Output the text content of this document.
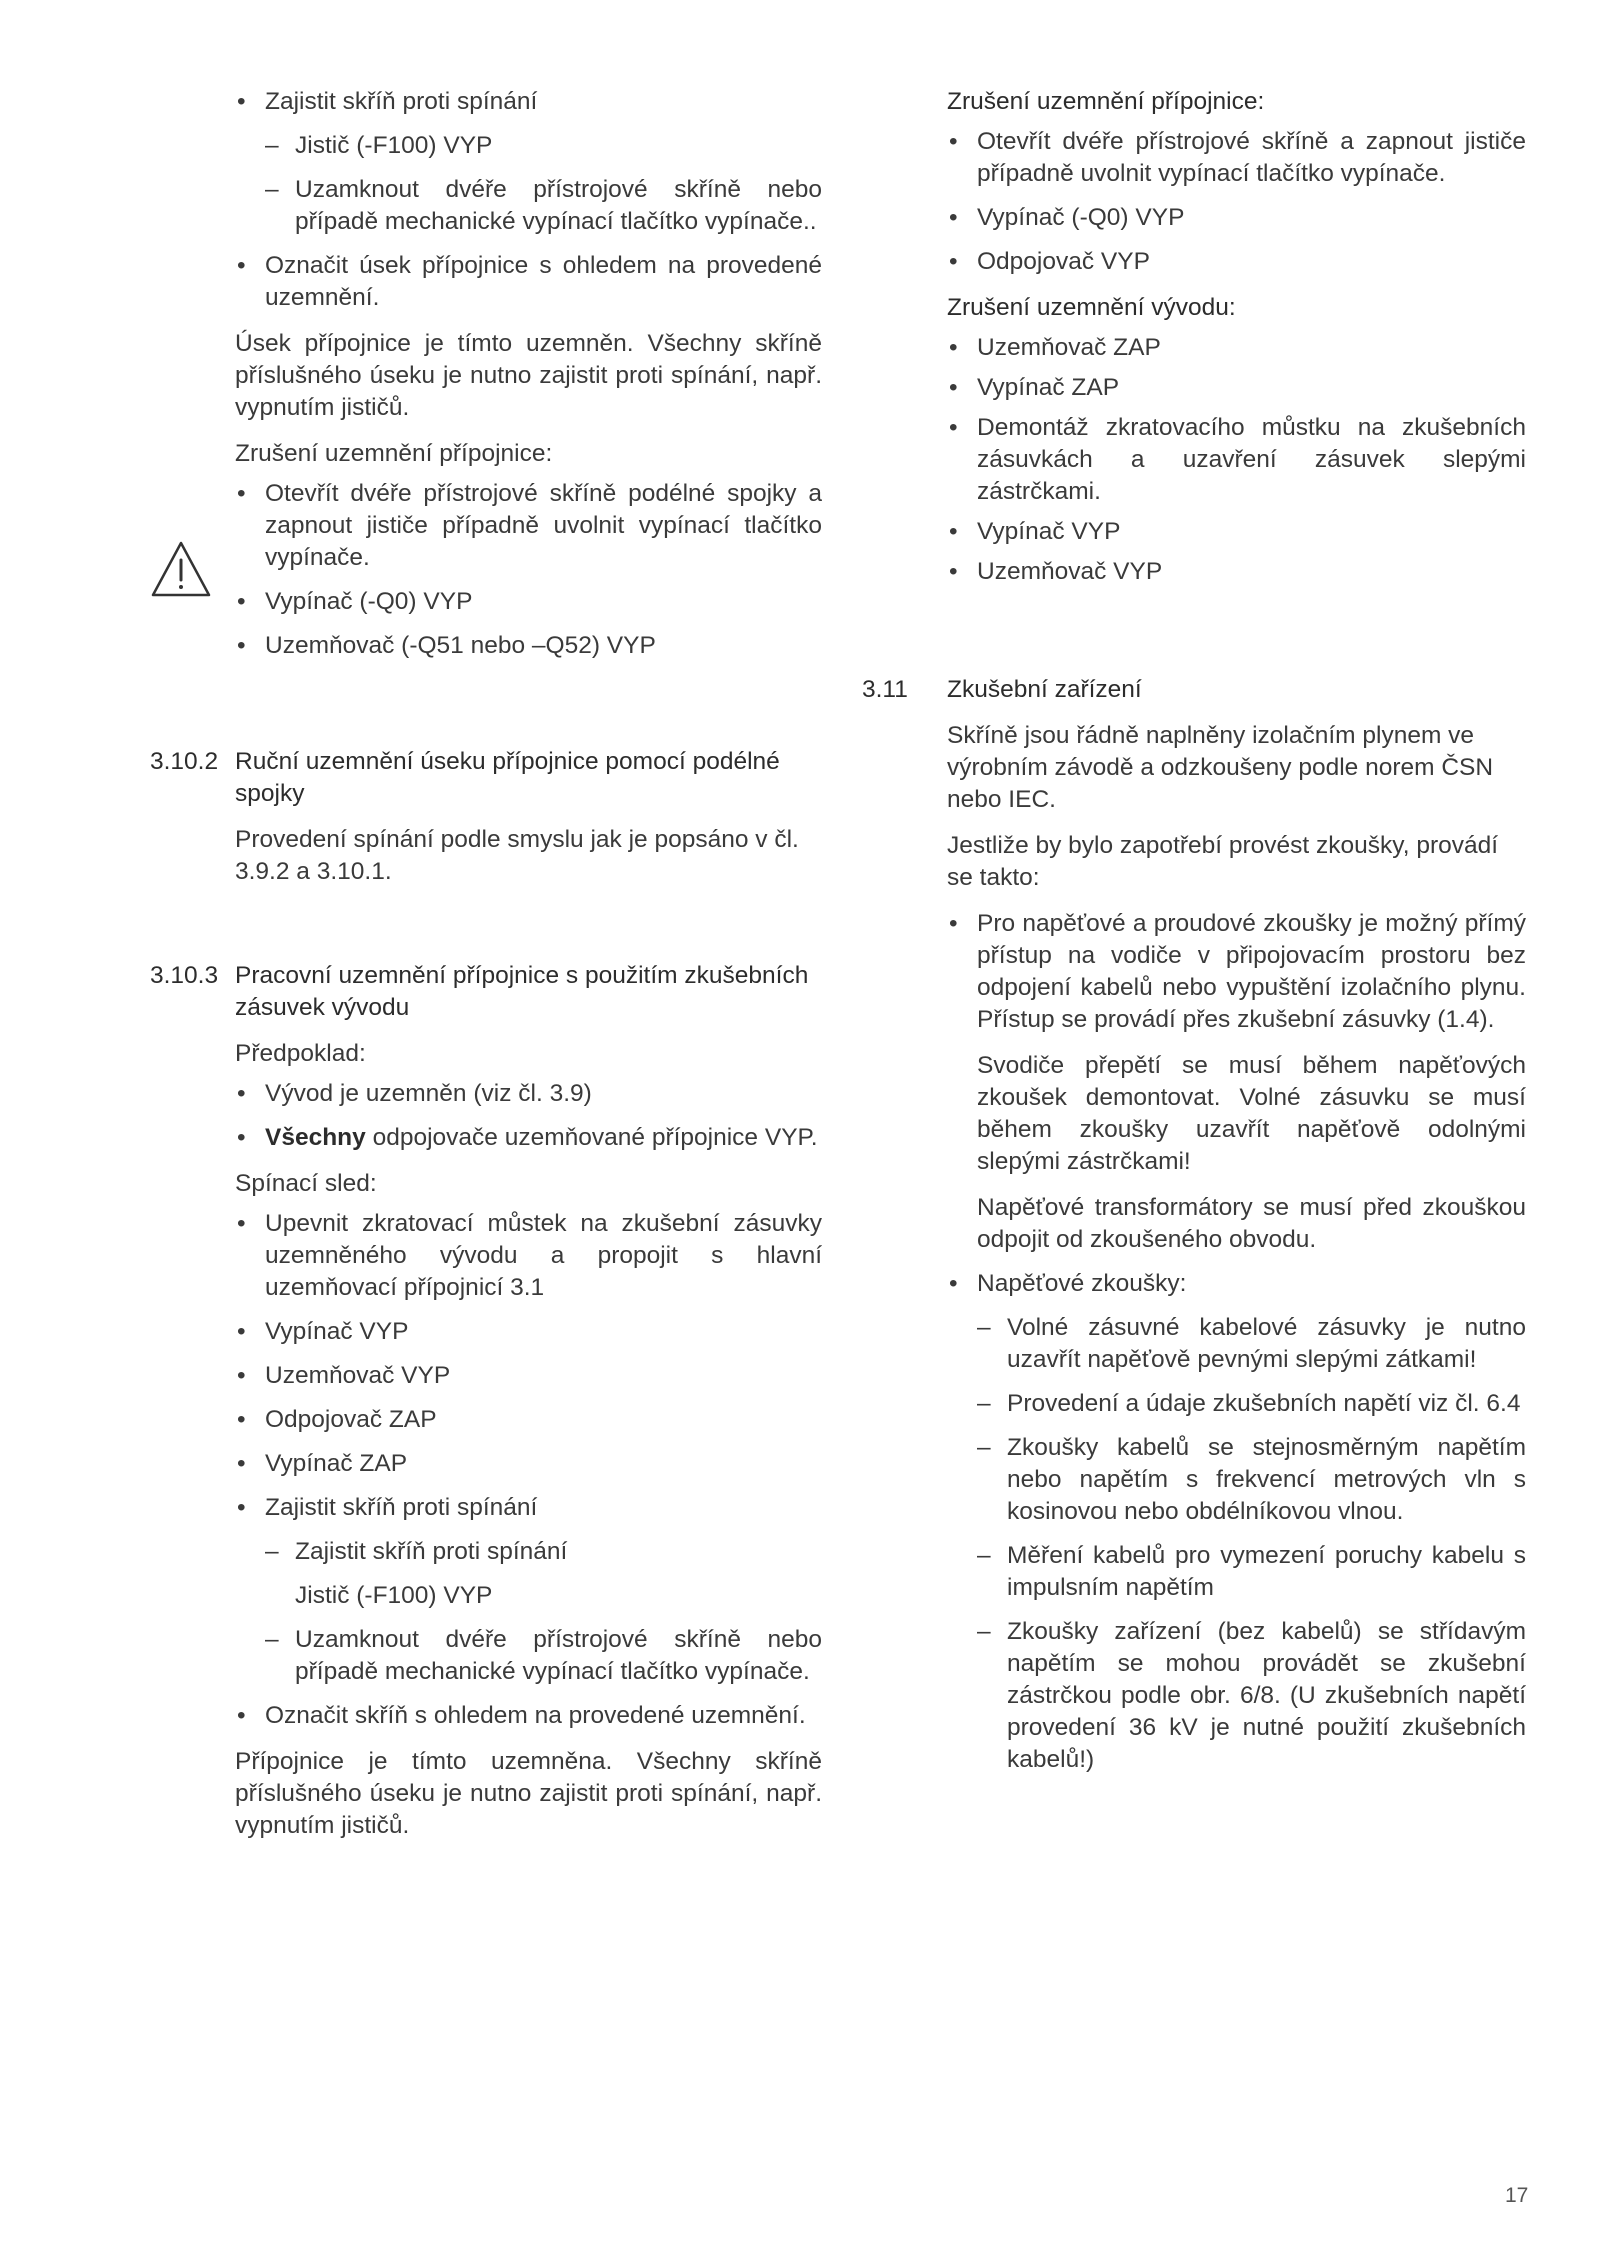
• Zajistit skříň proti spínání
– Jistič (-F100) VYP
– Uzamknout dvéře přístrojové skříně nebo případě mechanické vypínací tlačítko vypínače..
• Označit úsek přípojnice s ohledem na provedené uzemnění.

Úsek přípojnice je tímto uzemněn. Všechny skříně příslušného úseku je nutno zajistit proti spínání, např. vypnutím jističů.

Zrušení uzemnění přípojnice:

• Otevřít dvéře přístrojové skříně podélné spojky a zapnout jističe případně uvolnit vypínací tlačítko vypínače.
• Vypínač (-Q0) VYP
• Uzemňovač (-Q51 nebo –Q52) VYP
3.10.2 Ruční uzemnění úseku přípojnice pomocí podélné spojky

Provedení spínání podle smyslu jak je popsáno v čl. 3.9.2 a 3.10.1.

3.10.3 Pracovní uzemnění přípojnice s použitím zkušebních zásuvek vývodu

Předpoklad:

• Vývod je uzemněn (viz čl. 3.9)
• Všechny odpojovače uzemňované přípojnice VYP.

Spínací sled:

• Upevnit zkratovací můstek na zkušební zásuvky uzemněného vývodu a propojit s hlavní uzemňovací přípojnicí 3.1
• Vypínač VYP
• Uzemňovač VYP
• Odpojovač ZAP
• Vypínač ZAP
• Zajistit skříň proti spínání
– Zajistit skříň proti spínání
Jistič (-F100) VYP
– Uzamknout dvéře přístrojové skříně nebo případě mechanické vypínací tlačítko vypínače.
• Označit skříň s ohledem na provedené uzemnění.

Přípojnice je tímto uzemněna. Všechny skříně příslušného úseku je nutno zajistit proti spínání, např. vypnutím jističů.

Zrušení uzemnění přípojnice:

• Otevřít dvéře přístrojové skříně a zapnout jističe případně uvolnit vypínací tlačítko vypínače.
• Vypínač (-Q0) VYP
• Odpojovač VYP

Zrušení uzemnění vývodu:

• Uzemňovač ZAP
• Vypínač ZAP
• Demontáž zkratovacího můstku na zkušebních zásuvkách a uzavření zásuvek slepými zástrčkami.
• Vypínač VYP
• Uzemňovač VYP
3.11	Zkušební zařízení

Skříně jsou řádně naplněny izolačním plynem ve výrobním závodě a odzkoušeny podle norem ČSN nebo IEC.

Jestliže by bylo zapotřebí provést zkoušky, provádí se takto:

• Pro napěťové a proudové zkoušky je možný přímý přístup na vodiče v připojovacím prostoru bez odpojení kabelů nebo vypuštění izolačního plynu. Přístup se provádí přes zkušební zásuvky (1.4).

Svodiče přepětí se musí během napěťových zkoušek demontovat. Volné zásuvku se musí během zkoušky uzavřít napěťově odolnými slepými zástrčkami!

Napěťové transformátory se musí před zkouškou odpojit od zkoušeného obvodu.

• Napěťové zkoušky:
– Volné zásuvné kabelové zásuvky je nutno uzavřít napěťově pevnými slepými zátkami!
– Provedení a údaje zkušebních napětí viz čl. 6.4
– Zkoušky kabelů se stejnosměrným napětím nebo napětím s frekvencí metrových vln s kosinovou nebo obdélníkovou vlnou.
– Měření kabelů pro vymezení poruchy kabelu s impulsním napětím
– Zkoušky zařízení (bez kabelů) se střídavým napětím se mohou provádět se zkušební zástrčkou podle obr. 6/8. (U zkušebních napětí provedení 36 kV je nutné použití zkušebních kabelů!)
17
